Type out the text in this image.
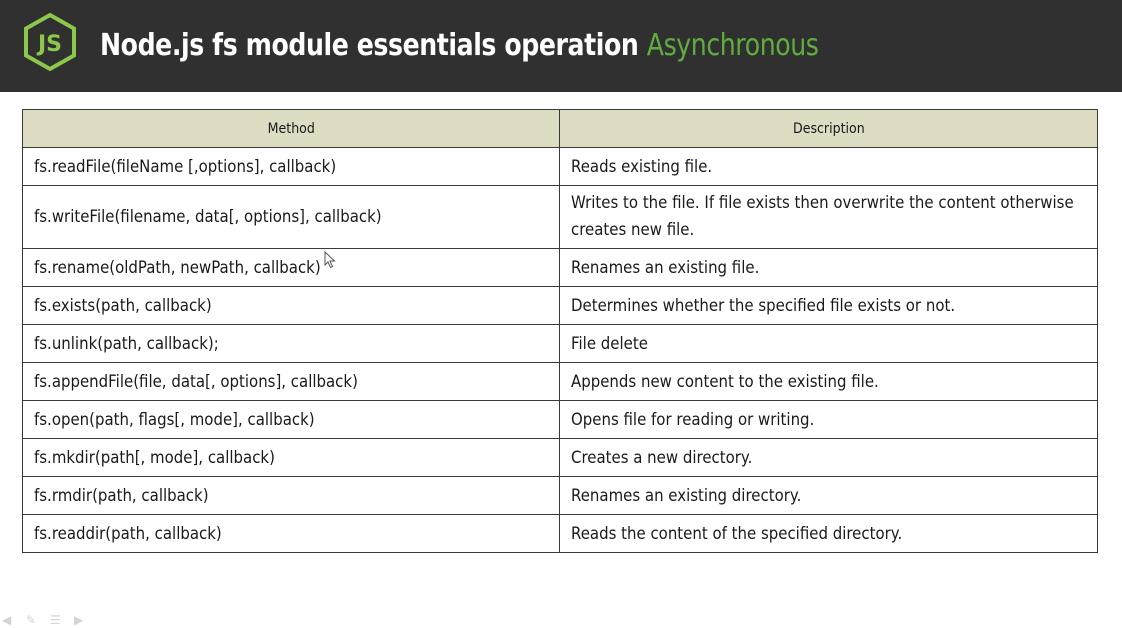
JS Node.js fs module essentials operation Asynchronous
Method	Description
fs.readFile(fileName [,options], callback)	Reads existing file.
fs.writeFile(filename, data[, options], callback)	Writes to the file. If file exists then overwrite the content otherwise creates new file.
fs.rename(oldPath, newPath, callback)	Renames an existing file.
fs.exists(path, callback)	Determines whether the specified file exists or not.
fs.unlink(path, callback);	File delete
fs.appendFile(file, data[, options], callback)	Appends new content to the existing file.
fs.open(path, flags[, mode], callback)	Opens file for reading or writing.
fs.mkdir(path[, mode], callback)	Creates a new directory.
fs.rmdir(path, callback)	Renames an existing directory.
fs.readdir(path, callback)	Reads the content of the specified directory.
◀	✎	☰	▶
